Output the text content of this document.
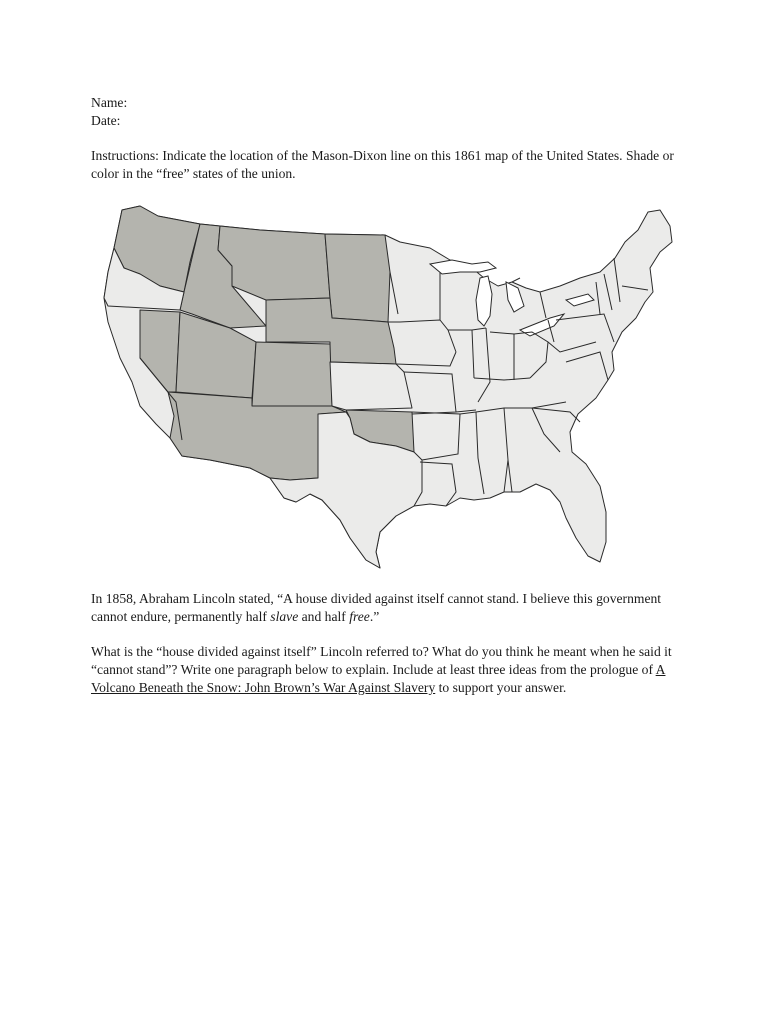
Name:

Date:

Instructions: Indicate the location of the Mason-Dixon line on this 1861 map of the United States. Shade or color in the “free” states of the union.

In 1858, Abraham Lincoln stated, “A house divided against itself cannot stand. I believe this government cannot endure, permanently half slave and half free.”

What is the “house divided against itself” Lincoln referred to? What do you think he meant when he said it “cannot stand”? Write one paragraph below to explain. Include at least three ideas from the prologue of A Volcano Beneath the Snow: John Brown’s War Against Slavery to support your answer.
